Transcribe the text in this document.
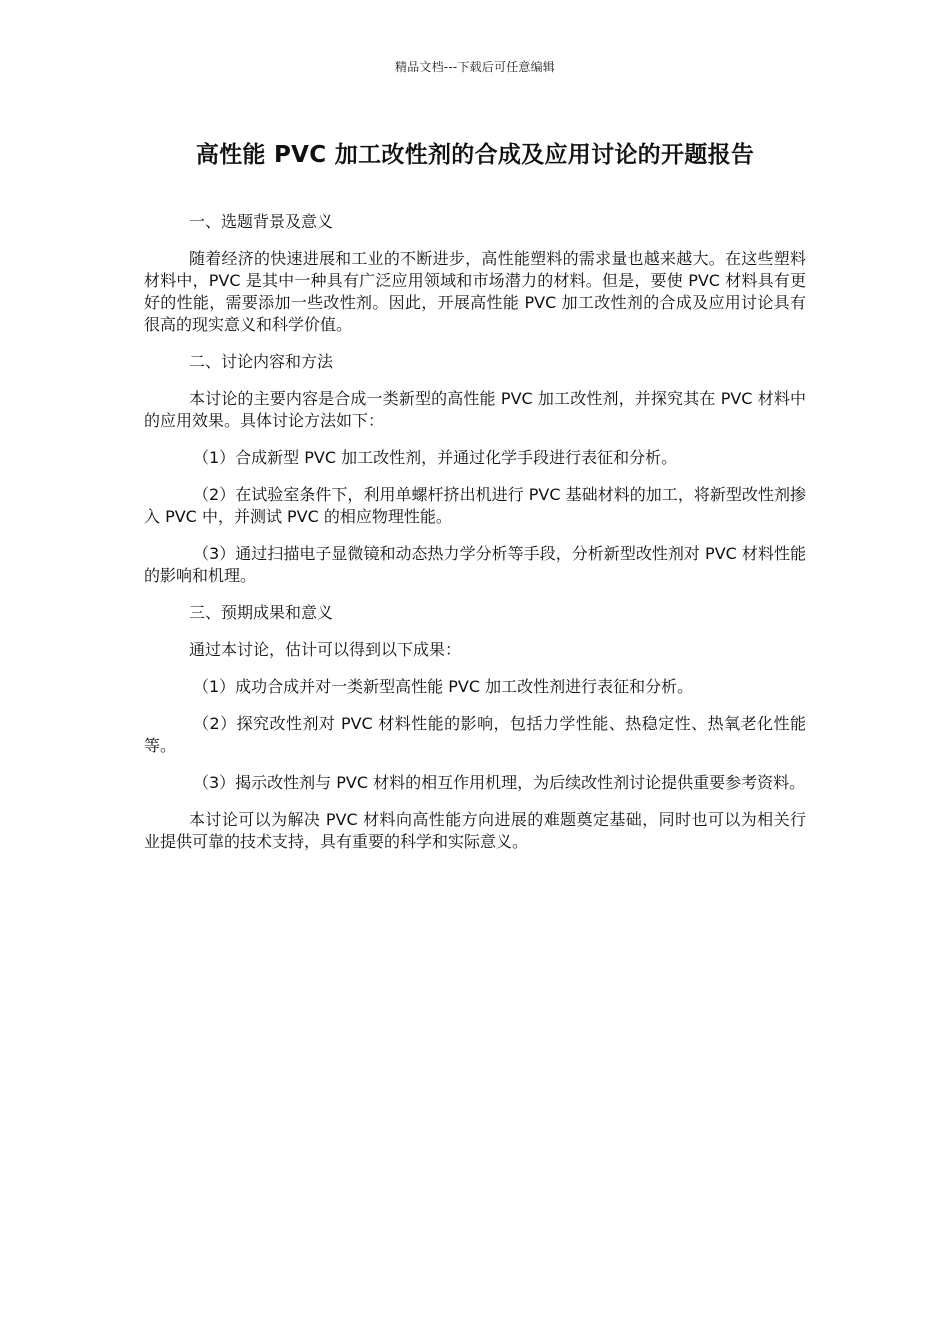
精品文档---下载后可任意编辑
高性能 PVC 加工改性剂的合成及应用讨论的开题报告

一、选题背景及意义

随着经济的快速进展和工业的不断进步，高性能塑料的需求量也越来越大。在这些塑料材料中，PVC 是其中一种具有广泛应用领域和市场潜力的材料。但是，要使 PVC 材料具有更好的性能，需要添加一些改性剂。因此，开展高性能 PVC 加工改性剂的合成及应用讨论具有很高的现实意义和科学价值。

二、讨论内容和方法

本讨论的主要内容是合成一类新型的高性能 PVC 加工改性剂，并探究其在 PVC 材料中的应用效果。具体讨论方法如下：

（1）合成新型 PVC 加工改性剂，并通过化学手段进行表征和分析。

（2）在试验室条件下，利用单螺杆挤出机进行 PVC 基础材料的加工，将新型改性剂掺入 PVC 中，并测试 PVC 的相应物理性能。

（3）通过扫描电子显微镜和动态热力学分析等手段，分析新型改性剂对 PVC 材料性能的影响和机理。

三、预期成果和意义

通过本讨论，估计可以得到以下成果：

（1）成功合成并对一类新型高性能 PVC 加工改性剂进行表征和分析。

（2）探究改性剂对 PVC 材料性能的影响，包括力学性能、热稳定性、热氧老化性能等。

（3）揭示改性剂与 PVC 材料的相互作用机理，为后续改性剂讨论提供重要参考资料。

本讨论可以为解决 PVC 材料向高性能方向进展的难题奠定基础，同时也可以为相关行业提供可靠的技术支持，具有重要的科学和实际意义。
